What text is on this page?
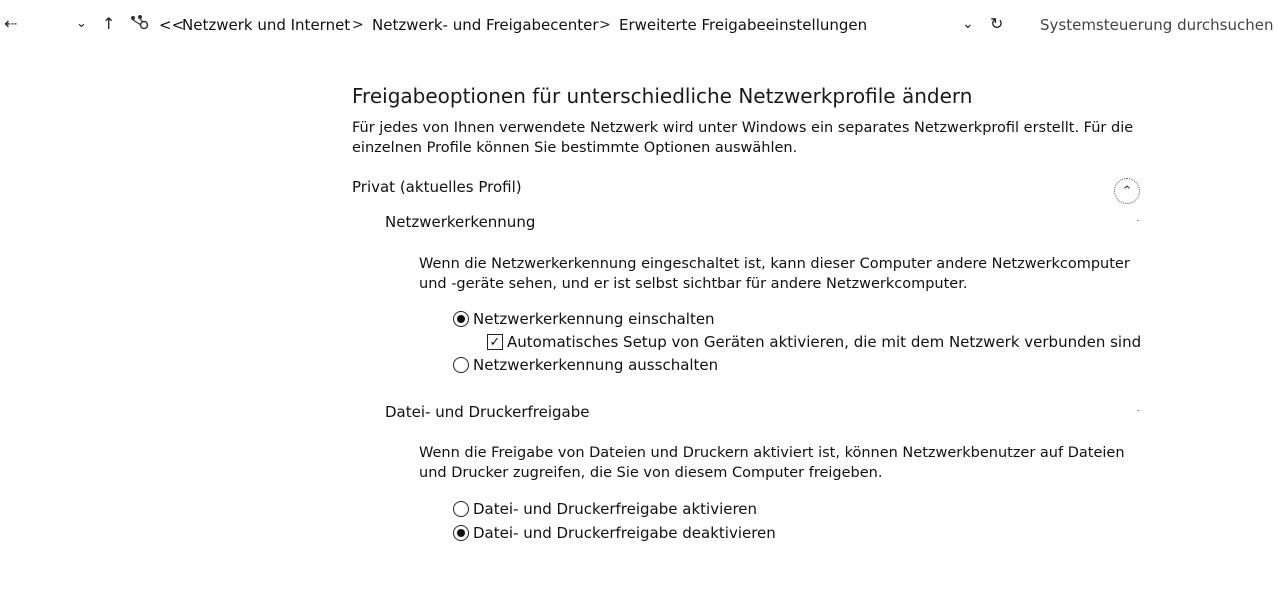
⇠	⌄ ↑	<<
Netzwerk und Internet > Netzwerk- und Freigabecenter > Erweiterte Freigabeeinstellungen	⌄ ↻ Systemsteuerung durchsuchen
Freigabeoptionen für unterschiedliche Netzwerkprofile ändern
Für jedes von Ihnen verwendete Netzwerk wird unter Windows ein separates Netzwerkprofil erstellt. Für die
einzelnen Profile können Sie bestimmte Optionen auswählen.
Privat (aktuelles Profil)	⌃
Netzwerkerkennung
Wenn die Netzwerkerkennung eingeschaltet ist, kann dieser Computer andere Netzwerkcomputer
und -geräte sehen, und er ist selbst sichtbar für andere Netzwerkcomputer.
Netzwerkerkennung einschalten
✓ Automatisches Setup von Geräten aktivieren, die mit dem Netzwerk verbunden sind
Netzwerkerkennung ausschalten
Datei- und Druckerfreigabe
Wenn die Freigabe von Dateien und Druckern aktiviert ist, können Netzwerkbenutzer auf Dateien
und Drucker zugreifen, die Sie von diesem Computer freigeben.
Datei- und Druckerfreigabe aktivieren
Datei- und Druckerfreigabe deaktivieren
